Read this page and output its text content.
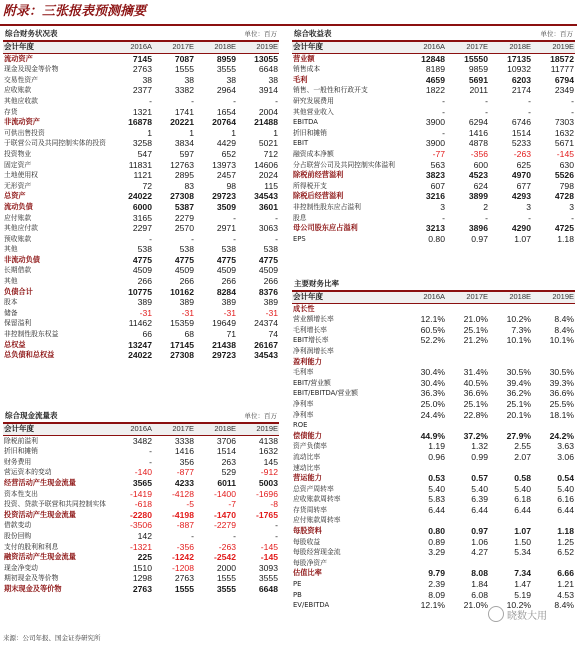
附录：三张报表预测摘要
综合财务状况表	单位：百万
会计年度	2016A	2017E	2018E	2019E
流动资产	7145	7087	8959	13055
现金及现金等价物	2763	1555	3555	6648
交易性资产	38	38	38	38
应收账款	2377	3382	2964	3914
其他应收款	-	-	-	-
存货	1321	1741	1654	2004
非流动资产	16878	20221	20764	21488
可供出售投资	1	1	1	1
于联营公司及共同控制实体的投资	3258	3834	4429	5021
投资物业	547	597	652	712
固定资产	11831	12763	13973	14606
土地使用权	1121	2895	2457	2024
无形资产	72	83	98	115
总资产	24022	27308	29723	34543
流动负债	6000	5387	3509	3601
应付账款	3165	2279	-	-
其他应付款	2297	2570	2971	3063
预收账款	-	-	-	-
其他	538	538	538	538
非流动负债	4775	4775	4775	4775
长期借款	4509	4509	4509	4509
其他	266	266	266	266
负债合计	10775	10162	8284	8376
股本	389	389	389	389
储备	-31	-31	-31	-31
保留溢利	11462	15359	19649	24374
非控制性股东权益	66	68	71	74
总权益	13247	17145	21438	26167
总负债和总权益	24022	27308	29723	34543
综合现金流量表	单位：百万
会计年度	2016A	2017E	2018E	2019E
除税前溢利	3482	3338	3706	4138
折旧和摊销	-	1416	1514	1632
财务费用	-	356	263	145
营运资本的变动	-140	-877	529	-912
经营活动产生现金流量	3565	4233	6011	5003
资本性支出	-1419	-4128	-1400	-1696
投资、贷款予联营和共同控制实体	-618	-5	-7	-8
投资活动产生现金流量	-2280	-4198	-1470	-1765
借款变动	-3506	-887	-2279	-
股份回购	142	-	-	-
支付的股利和利息	-1321	-356	-263	-145
融资活动产生现金流量	225	-1242	-2542	-145
现金净变动	1510	-1208	2000	3093
期初现金及等价物	1298	2763	1555	3555
期末现金及等价物	2763	1555	3555	6648
综合收益表	单位：百万
会计年度	2016A	2017E	2018E	2019E
营业额	12848	15550	17135	18572
销售成本	8189	9859	10932	11777
毛利	4659	5691	6203	6794
销售、一般性和行政开支	1822	2011	2174	2349
研究发展费用	-	-	-	-
其他营业收入	-	-	-	-
EBITDA	3900	6294	6746	7303
折旧和摊销	-	1416	1514	1632
EBIT	3900	4878	5233	5671
融资成本净额	-77	-356	-263	-145
分占联营公司及共同控制实体溢利	563	600	625	630
除税前经营溢利	3823	4523	4970	5526
所得税开支	607	624	677	798
除税后经营溢利	3216	3899	4293	4728
非控制性股东应占溢利	3	2	3	3
股息	-	-	-	-
母公司股东应占溢利	3213	3896	4290	4725
EPS	0.80	0.97	1.07	1.18
主要财务比率
会计年度	2016A	2017E	2018E	2019E
成长性				
营业额增长率	12.1%	21.0%	10.2%	8.4%
毛利增长率	60.5%	25.1%	7.3%	8.4%
EBIT增长率	52.2%	21.2%	10.1%	10.1%
净利润增长率				
盈利能力				
毛利率	30.4%	31.4%	30.5%	30.5%
EBIT/营业额	30.4%	40.5%	39.4%	39.3%
EBIT/EBITDA/营业额	36.3%	36.6%	36.2%	36.6%
净利率	25.0%	25.1%	25.1%	25.5%
净利率	24.4%	22.8%	20.1%	18.1%
ROE				
偿债能力	44.9%	37.2%	27.9%	24.2%
资产负债率	1.19	1.32	2.55	3.63
流动比率	0.96	0.99	2.07	3.06
速动比率				
营运能力	0.53	0.57	0.58	0.54
总资产周转率	5.40	5.40	5.40	5.40
应收账款周转率	5.83	6.39	6.18	6.16
存货周转率	6.44	6.44	6.44	6.44
应付账款周转率				
每股资料	0.80	0.97	1.07	1.18
每股收益	0.89	1.06	1.50	1.25
每股经营现金流	3.29	4.27	5.34	6.52
每股净资产				
估值比率	9.79	8.08	7.34	6.66
PE	2.39	1.84	1.47	1.21
PB	8.09	6.08	5.19	4.53
EV/EBITDA	12.1%	21.0%	10.2%	8.4%
来源：公司年报、国金证券研究所
晓数大用
